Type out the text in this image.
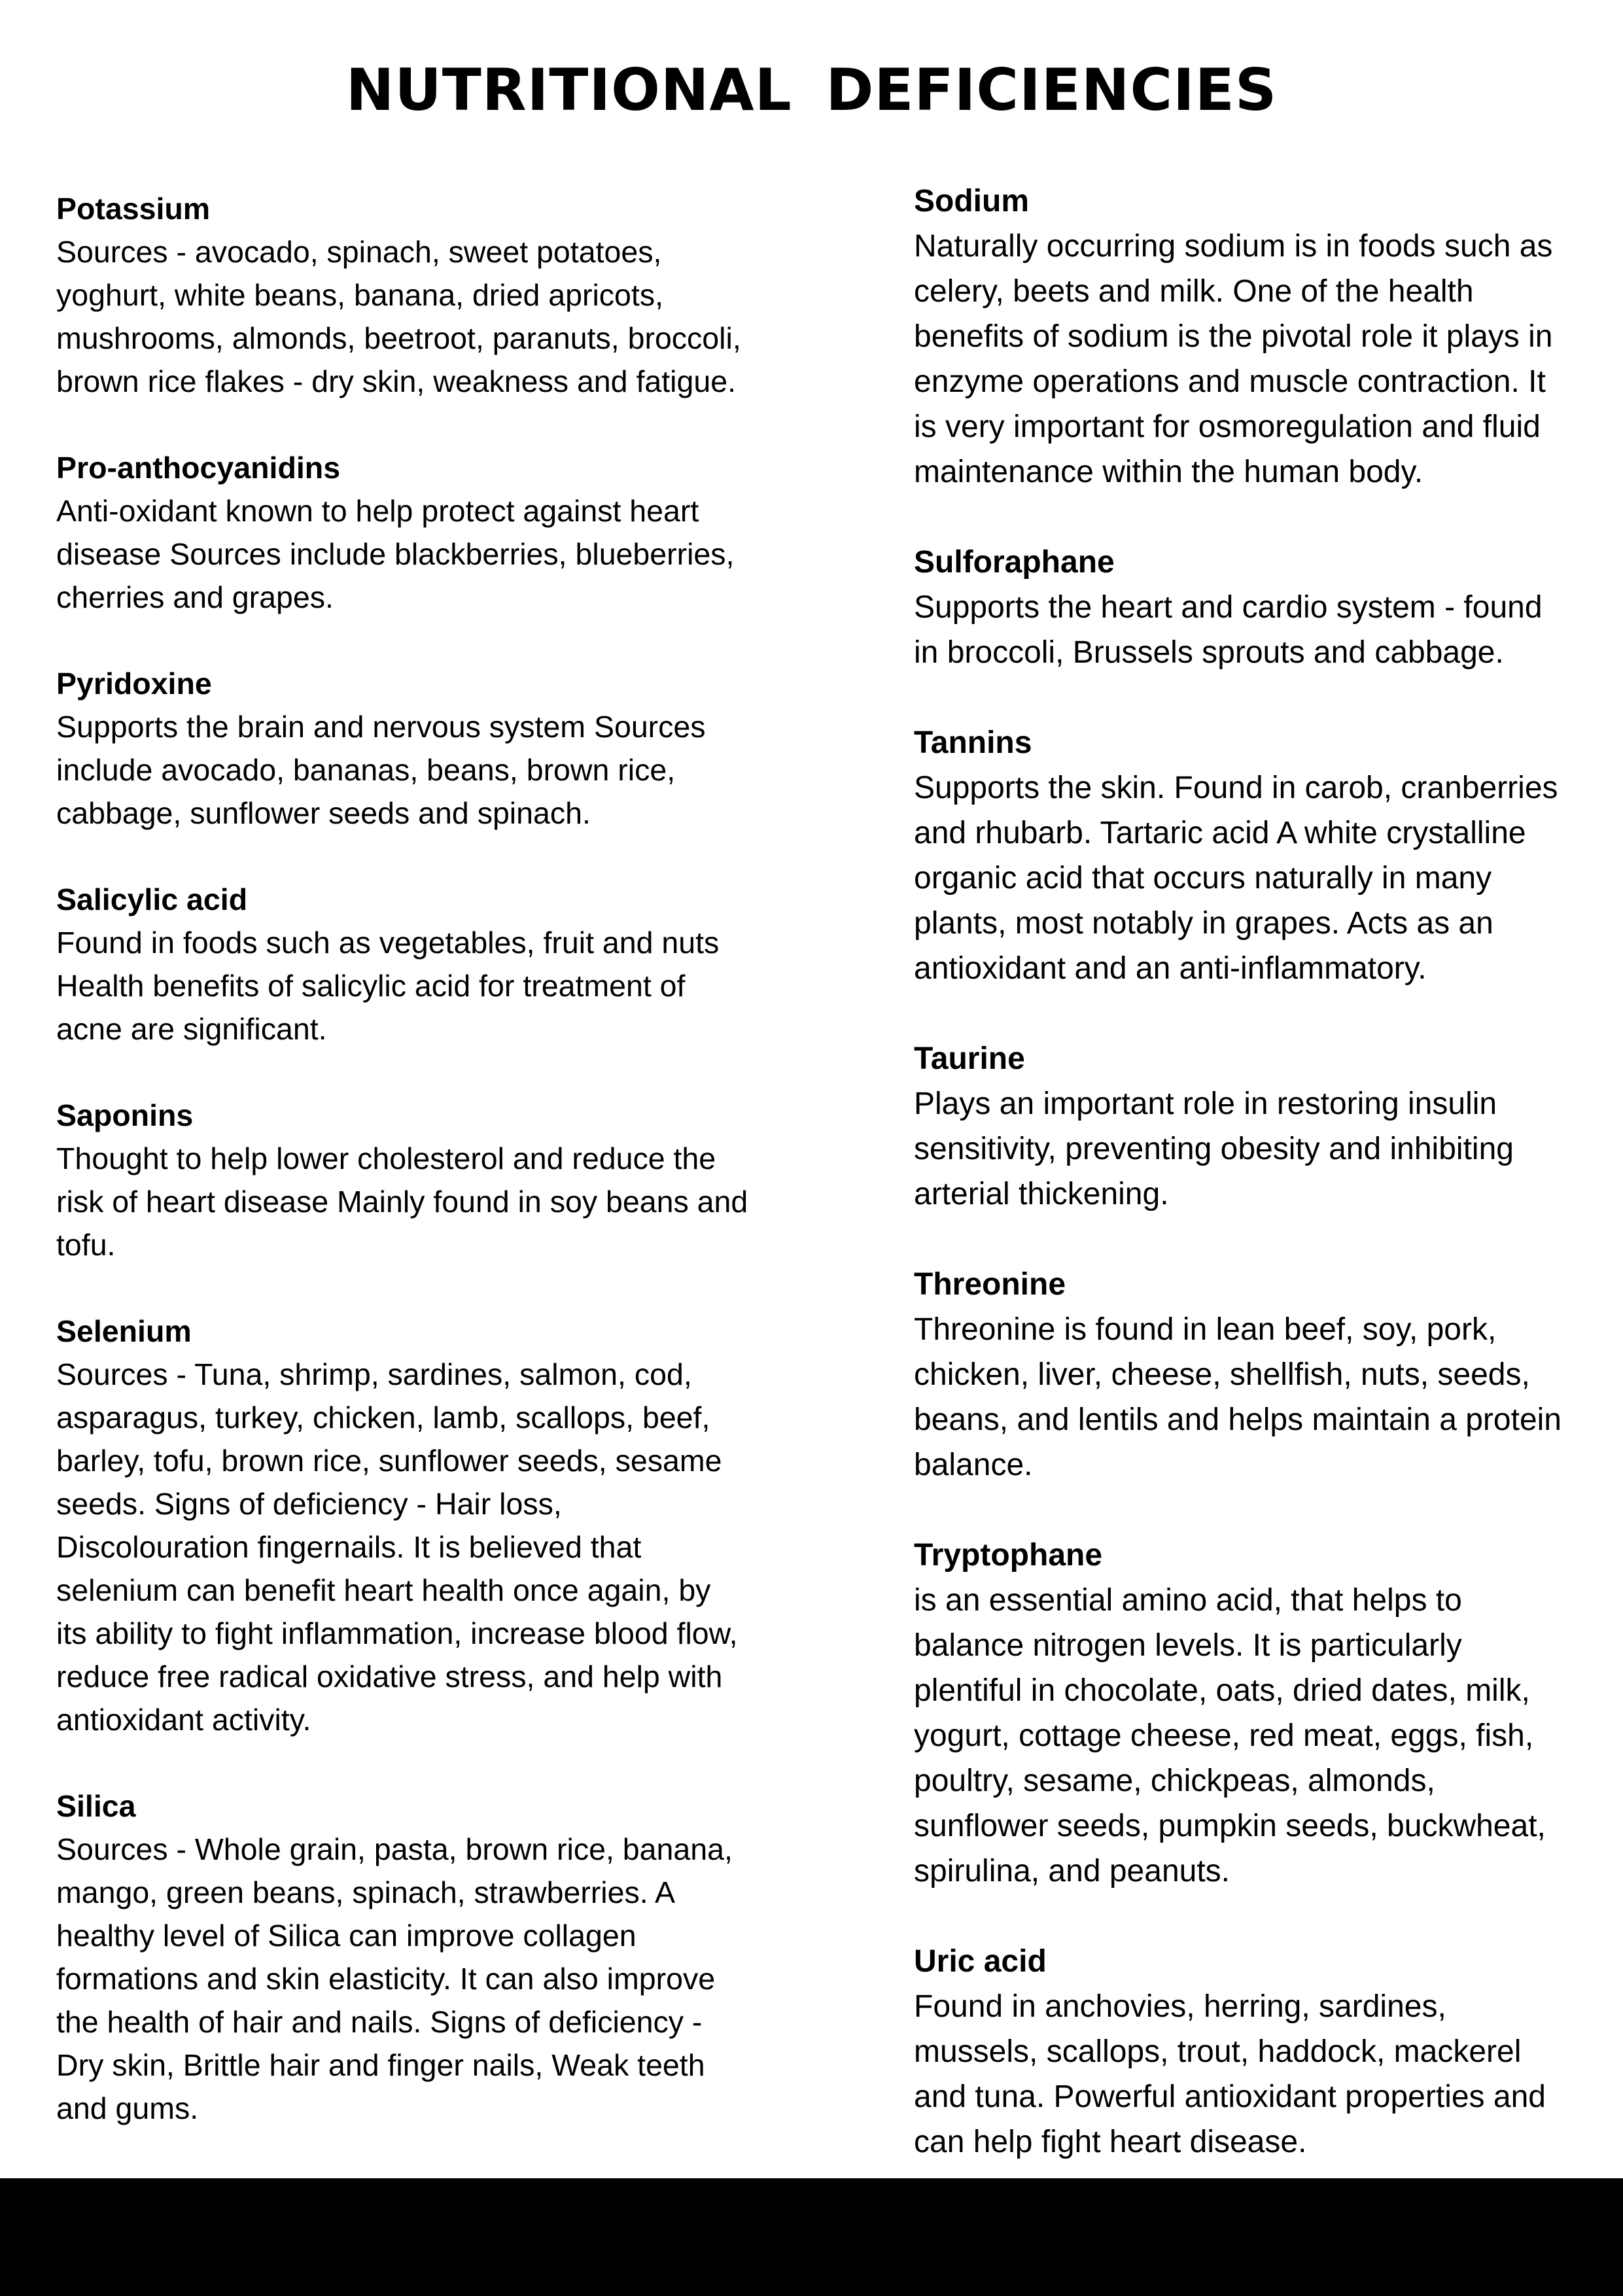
NUTRITIONAL DEFICIENCIES
Potassium
Sources - avocado, spinach, sweet potatoes,
yoghurt, white beans, banana, dried apricots,
mushrooms, almonds, beetroot, paranuts, broccoli,
brown rice flakes - dry skin, weakness and fatigue.
Pro-anthocyanidins
Anti-oxidant known to help protect against heart
disease Sources include blackberries, blueberries,
cherries and grapes.
Pyridoxine
Supports the brain and nervous system Sources
include avocado, bananas, beans, brown rice,
cabbage, sunflower seeds and spinach.
Salicylic acid
Found in foods such as vegetables, fruit and nuts
Health benefits of salicylic acid for treatment of
acne are significant.
Saponins
Thought to help lower cholesterol and reduce the
risk of heart disease Mainly found in soy beans and
tofu.
Selenium
Sources - Tuna, shrimp, sardines, salmon, cod,
asparagus, turkey, chicken, lamb, scallops, beef,
barley, tofu, brown rice, sunflower seeds, sesame
seeds. Signs of deficiency - Hair loss,
Discolouration fingernails. It is believed that
selenium can benefit heart health once again, by
its ability to fight inflammation, increase blood flow,
reduce free radical oxidative stress, and help with
antioxidant activity.
Silica
Sources - Whole grain, pasta, brown rice, banana,
mango, green beans, spinach, strawberries. A
healthy level of Silica can improve collagen
formations and skin elasticity. It can also improve
the health of hair and nails. Signs of deficiency -
Dry skin, Brittle hair and finger nails, Weak teeth
and gums.
Sodium
Naturally occurring sodium is in foods such as
celery, beets and milk. One of the health
benefits of sodium is the pivotal role it plays in
enzyme operations and muscle contraction. It
is very important for osmoregulation and fluid
maintenance within the human body.
Sulforaphane
Supports the heart and cardio system - found
in broccoli, Brussels sprouts and cabbage.
Tannins
Supports the skin. Found in carob, cranberries
and rhubarb. Tartaric acid A white crystalline
organic acid that occurs naturally in many
plants, most notably in grapes. Acts as an
antioxidant and an anti-inflammatory.
Taurine
Plays an important role in restoring insulin
sensitivity, preventing obesity and inhibiting
arterial thickening.
Threonine
Threonine is found in lean beef, soy, pork,
chicken, liver, cheese, shellfish, nuts, seeds,
beans, and lentils and helps maintain a protein
balance.
Tryptophane
is an essential amino acid, that helps to
balance nitrogen levels. It is particularly
plentiful in chocolate, oats, dried dates, milk,
yogurt, cottage cheese, red meat, eggs, fish,
poultry, sesame, chickpeas, almonds,
sunflower seeds, pumpkin seeds, buckwheat,
spirulina, and peanuts.
Uric acid
Found in anchovies, herring, sardines,
mussels, scallops, trout, haddock, mackerel
and tuna. Powerful antioxidant properties and
can help fight heart disease.
